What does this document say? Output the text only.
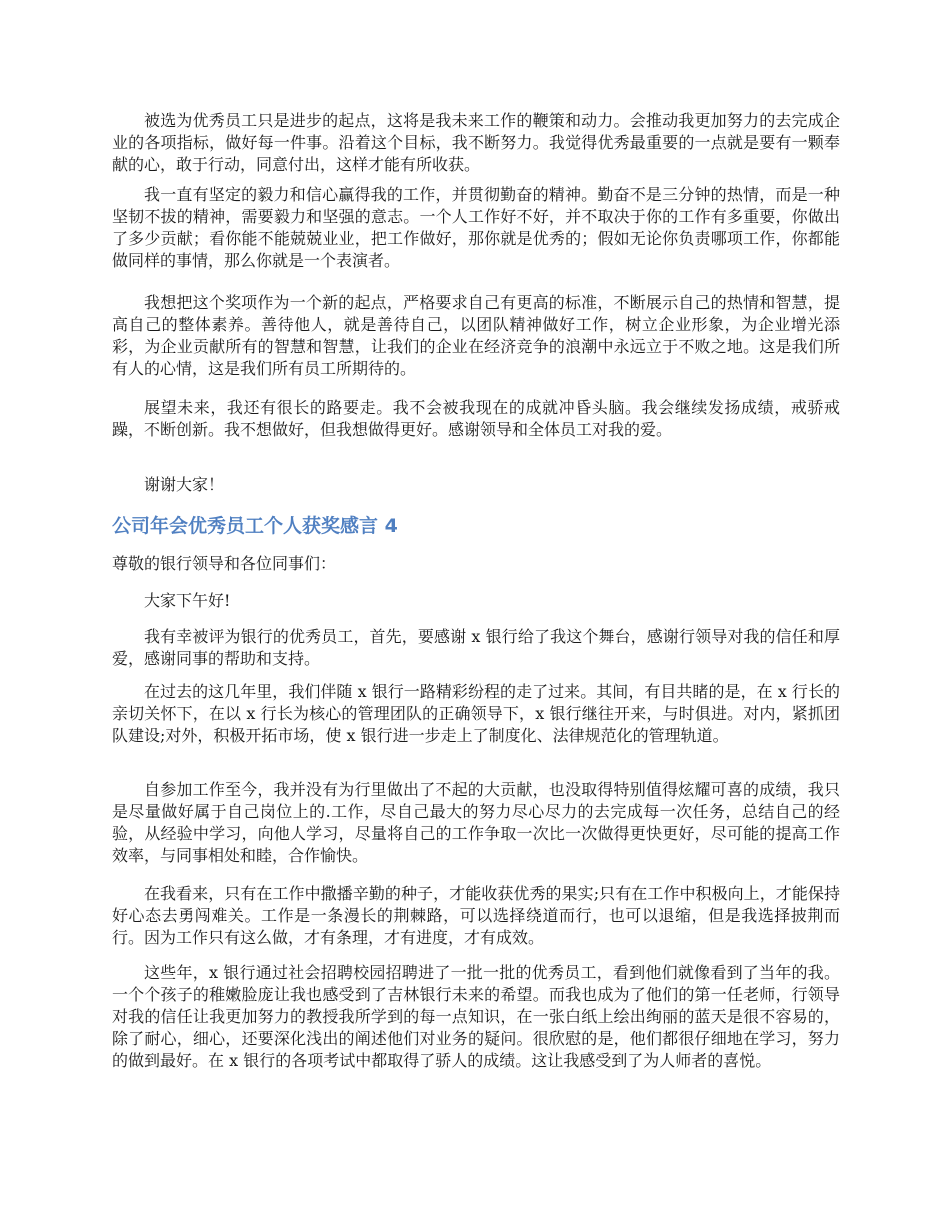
被选为优秀员工只是进步的起点，这将是我未来工作的鞭策和动力。会推动我更加努力的去完成企业的各项指标，做好每一件事。沿着这个目标，我不断努力。我觉得优秀最重要的一点就是要有一颗奉献的心，敢于行动，同意付出，这样才能有所收获。

我一直有坚定的毅力和信心赢得我的工作，并贯彻勤奋的精神。勤奋不是三分钟的热情，而是一种坚韧不拔的精神，需要毅力和坚强的意志。一个人工作好不好，并不取决于你的工作有多重要，你做出了多少贡献；看你能不能兢兢业业，把工作做好，那你就是优秀的；假如无论你负责哪项工作，你都能做同样的事情，那么你就是一个表演者。

我想把这个奖项作为一个新的起点，严格要求自己有更高的标准，不断展示自己的热情和智慧，提高自己的整体素养。善待他人，就是善待自己，以团队精神做好工作，树立企业形象，为企业增光添彩，为企业贡献所有的智慧和智慧，让我们的企业在经济竞争的浪潮中永远立于不败之地。这是我们所有人的心情，这是我们所有员工所期待的。

展望未来，我还有很长的路要走。我不会被我现在的成就冲昏头脑。我会继续发扬成绩，戒骄戒躁，不断创新。我不想做好，但我想做得更好。感谢领导和全体员工对我的爱。

谢谢大家！

公司年会优秀员工个人获奖感言 4

尊敬的银行领导和各位同事们：

大家下午好!

我有幸被评为银行的优秀员工，首先，要感谢 x 银行给了我这个舞台，感谢行领导对我的信任和厚爱，感谢同事的帮助和支持。

在过去的这几年里，我们伴随 x 银行一路精彩纷程的走了过来。其间，有目共睹的是，在 x 行长的亲切关怀下，在以 x 行长为核心的管理团队的正确领导下，x 银行继往开来，与时俱进。对内，紧抓团队建设;对外，积极开拓市场，使 x 银行进一步走上了制度化、法律规范化的管理轨道。

自参加工作至今，我并没有为行里做出了不起的大贡献，也没取得特别值得炫耀可喜的成绩，我只是尽量做好属于自己岗位上的.工作，尽自己最大的努力尽心尽力的去完成每一次任务，总结自己的经验，从经验中学习，向他人学习，尽量将自己的工作争取一次比一次做得更快更好，尽可能的提高工作效率，与同事相处和睦，合作愉快。

在我看来，只有在工作中撒播辛勤的种子，才能收获优秀的果实;只有在工作中积极向上，才能保持好心态去勇闯难关。工作是一条漫长的荆棘路，可以选择绕道而行，也可以退缩，但是我选择披荆而行。因为工作只有这么做，才有条理，才有进度，才有成效。

这些年，x 银行通过社会招聘校园招聘进了一批一批的优秀员工，看到他们就像看到了当年的我。一个个孩子的稚嫩脸庞让我也感受到了吉林银行未来的希望。而我也成为了他们的第一任老师，行领导对我的信任让我更加努力的教授我所学到的每一点知识，在一张白纸上绘出绚丽的蓝天是很不容易的，除了耐心，细心，还要深化浅出的阐述他们对业务的疑问。很欣慰的是，他们都很仔细地在学习，努力的做到最好。在 x 银行的各项考试中都取得了骄人的成绩。这让我感受到了为人师者的喜悦。
